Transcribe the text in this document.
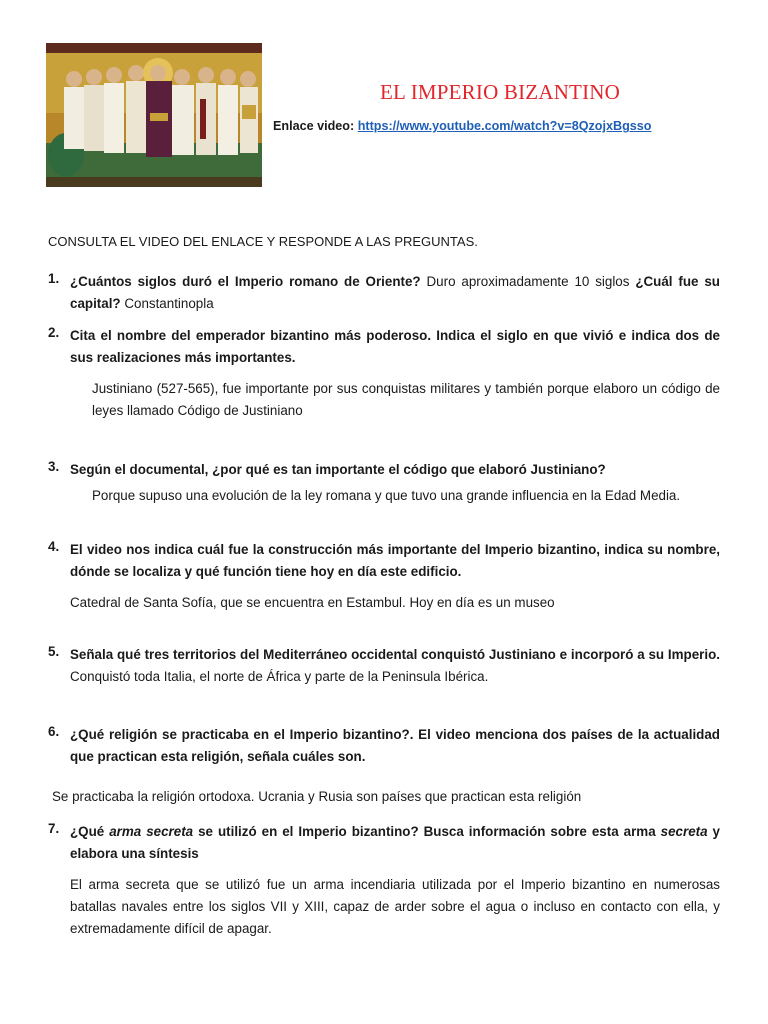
EL IMPERIO BIZANTINO
Enlace video: https://www.youtube.com/watch?v=8QzojxBgsso
CONSULTA EL VIDEO DEL ENLACE Y RESPONDE A LAS PREGUNTAS.
1. ¿Cuántos siglos duró el Imperio romano de Oriente? Duro aproximadamente 10 siglos ¿Cuál fue su capital? Constantinopla
2. Cita el nombre del emperador bizantino más poderoso. Indica el siglo en que vivió e indica dos de sus realizaciones más importantes.
Justiniano (527-565), fue importante por sus conquistas militares y también porque elaboro un código de leyes llamado Código de Justiniano
3. Según el documental, ¿por qué es tan importante el código que elaboró Justiniano?
Porque supuso una evolución de la ley romana y que tuvo una grande influencia en la Edad Media.
4. El video nos indica cuál fue la construcción más importante del Imperio bizantino, indica su nombre, dónde se localiza y qué función tiene hoy en día este edificio.
Catedral de Santa Sofía, que se encuentra en Estambul. Hoy en día es un museo
5. Señala qué tres territorios del Mediterráneo occidental conquistó Justiniano e incorporó a su Imperio. Conquistó toda Italia, el norte de África y parte de la Peninsula Ibérica.
6. ¿Qué religión se practicaba en el Imperio bizantino?. El video menciona dos países de la actualidad que practican esta religión, señala cuáles son.
Se practicaba la religión ortodoxa. Ucrania y Rusia son países que practican esta religión
7. ¿Qué arma secreta se utilizó en el Imperio bizantino? Busca información sobre esta arma secreta y elabora una síntesis
El arma secreta que se utilizó fue un arma incendiaria utilizada por el Imperio bizantino en numerosas batallas navales entre los siglos VII y XIII, capaz de arder sobre el agua o incluso en contacto con ella, y extremadamente difícil de apagar.
